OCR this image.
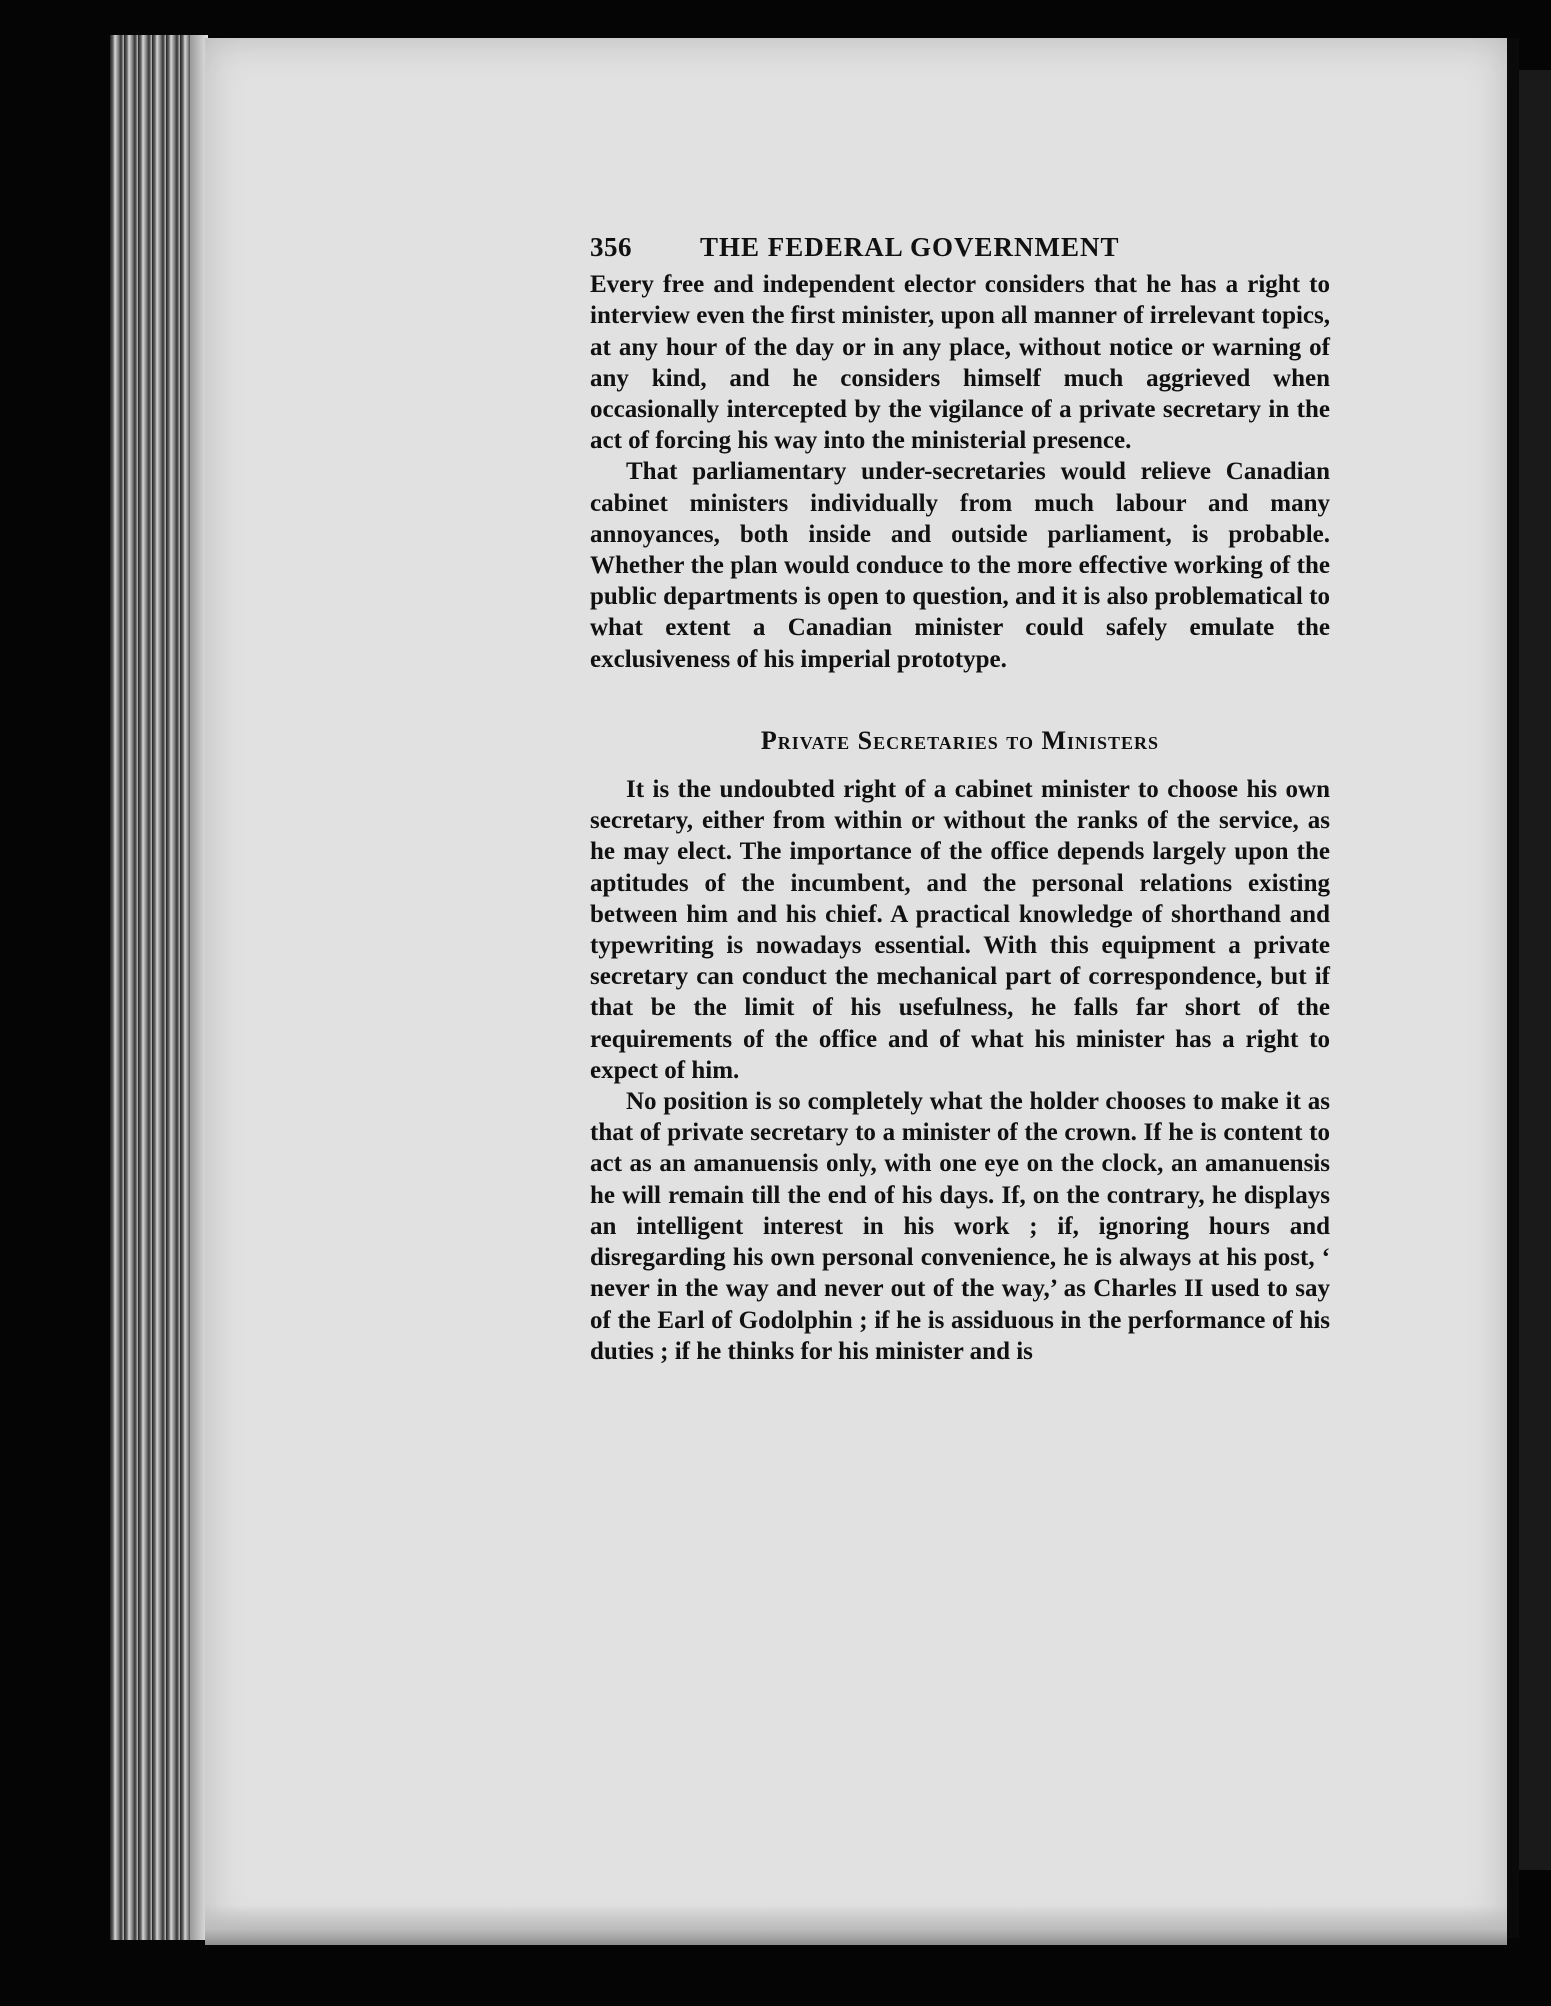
356	THE FEDERAL GOVERNMENT

Every free and independent elector considers that he has a right to interview even the first minister, upon all manner of irrelevant topics, at any hour of the day or in any place, without notice or warning of any kind, and he considers himself much aggrieved when occasionally intercepted by the vigilance of a private secretary in the act of forcing his way into the ministerial presence.

That parliamentary under-secretaries would relieve Canadian cabinet ministers individually from much labour and many annoyances, both inside and outside parliament, is probable. Whether the plan would conduce to the more effective working of the public departments is open to question, and it is also problematical to what extent a Canadian minister could safely emulate the exclusiveness of his imperial prototype.

Private Secretaries to Ministers

It is the undoubted right of a cabinet minister to choose his own secretary, either from within or without the ranks of the service, as he may elect. The importance of the office depends largely upon the aptitudes of the incumbent, and the personal relations existing between him and his chief. A practical knowledge of shorthand and typewriting is nowadays essential. With this equipment a private secretary can conduct the mechanical part of correspondence, but if that be the limit of his usefulness, he falls far short of the requirements of the office and of what his minister has a right to expect of him.

No position is so completely what the holder chooses to make it as that of private secretary to a minister of the crown. If he is content to act as an amanuensis only, with one eye on the clock, an amanuensis he will remain till the end of his days. If, on the contrary, he displays an intelligent interest in his work ; if, ignoring hours and disregarding his own personal convenience, he is always at his post, ‘ never in the way and never out of the way,’ as Charles II used to say of the Earl of Godolphin ; if he is assiduous in the performance of his duties ; if he thinks for his minister and is
